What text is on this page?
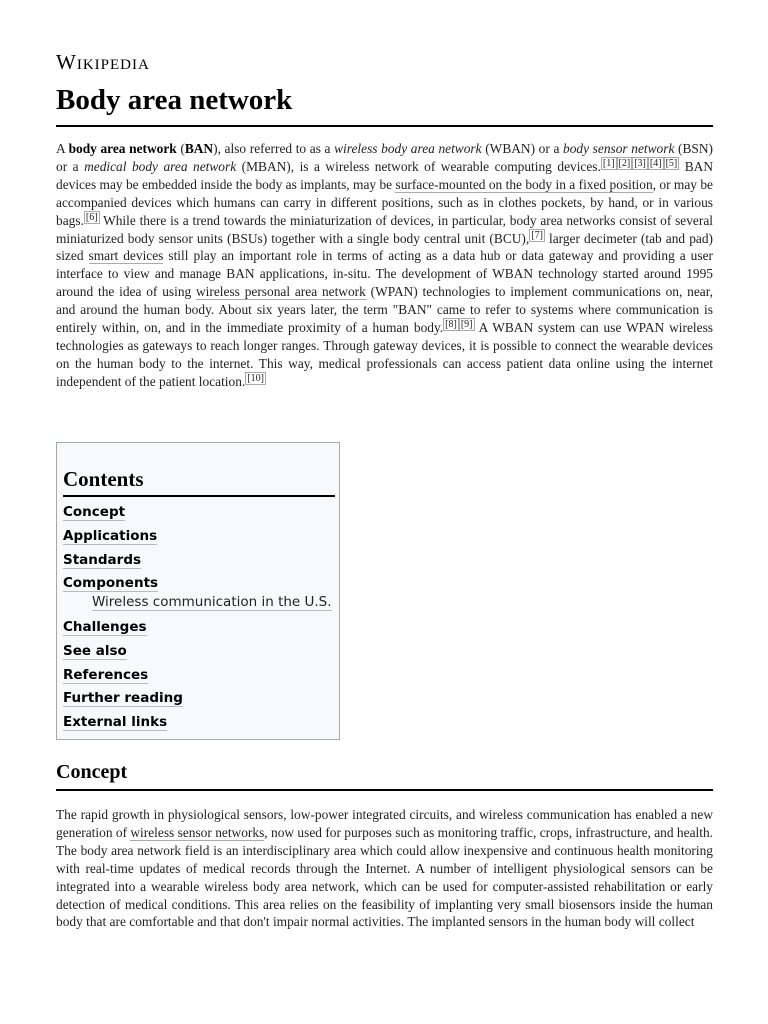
Wikipedia
Body area network

A body area network (BAN), also referred to as a wireless body area network (WBAN) or a body sensor network (BSN) or a medical body area network (MBAN), is a wireless network of wearable computing devices. [1] [2] [3] [4] [5] BAN devices may be embedded inside the body as implants, may be surface-mounted on the body in a fixed position, or may be accompanied devices which humans can carry in different positions, such as in clothes pockets, by hand, or in various bags. [6] While there is a trend towards the miniaturization of devices, in particular, body area networks consist of several miniaturized body sensor units (BSUs) together with a single body central unit (BCU), [7] larger decimeter (tab and pad) sized smart devices still play an important role in terms of acting as a data hub or data gateway and providing a user interface to view and manage BAN applications, in-situ. The development of WBAN technology started around 1995 around the idea of using wireless personal area network (WPAN) technologies to implement communications on, near, and around the human body. About six years later, the term "BAN" came to refer to systems where communication is entirely within, on, and in the immediate proximity of a human body. [8] [9] A WBAN system can use WPAN wireless technologies as gateways to reach longer ranges. Through gateway devices, it is possible to connect the wearable devices on the human body to the internet. This way, medical professionals can access patient data online using the internet independent of the patient location. [10]

Contents
Concept
Applications
Standards
Components
Wireless communication in the U.S.
Challenges
See also
References
Further reading
External links
Concept

The rapid growth in physiological sensors, low-power integrated circuits, and wireless communication has enabled a new generation of wireless sensor networks, now used for purposes such as monitoring traffic, crops, infrastructure, and health. The body area network field is an interdisciplinary area which could allow inexpensive and continuous health monitoring with real-time updates of medical records through the Internet. A number of intelligent physiological sensors can be integrated into a wearable wireless body area network, which can be used for computer-assisted rehabilitation or early detection of medical conditions. This area relies on the feasibility of implanting very small biosensors inside the human body that are comfortable and that don't impair normal activities. The implanted sensors in the human body will collect
